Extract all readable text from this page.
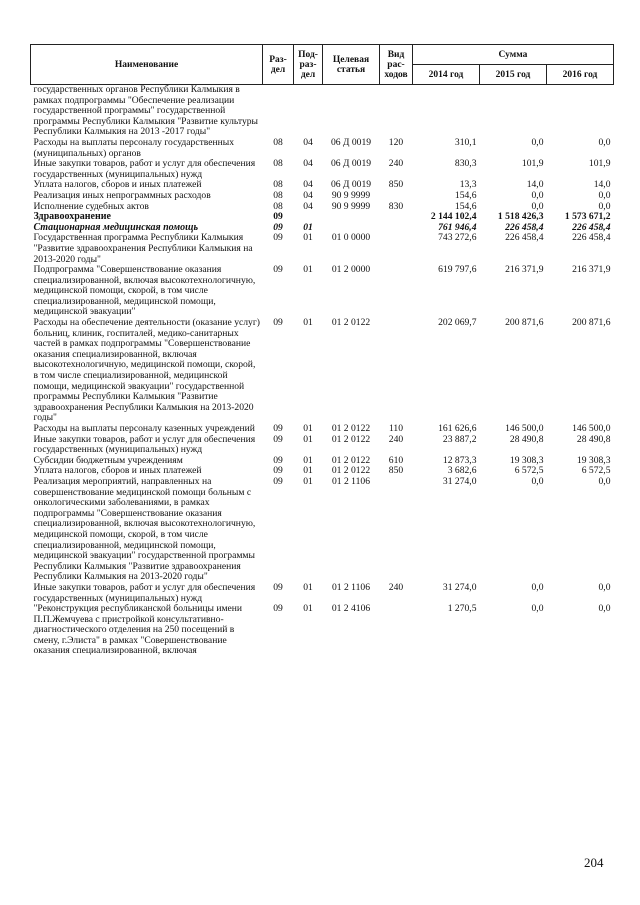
Наименование	Раз- дел	Под- раз- дел	Целевая статья	Вид рас- ходов	Сумма		
					2014 год	2015 год	2016 год
государственных органов Республики Калмыкия в рамках подпрограммы "Обеспечение реализации государственной программы" государственной программы Республики Калмыкия "Развитие культуры Республики Калмыкия на 2013 -2017 годы"							
Расходы на выплаты персоналу государственных (муниципальных) органов	08	04	06 Д 0019	120	310,1	0,0	0,0
Иные закупки товаров, работ и услуг для обеспечения государственных (муниципальных) нужд	08	04	06 Д 0019	240	830,3	101,9	101,9
Уплата налогов, сборов и иных платежей	08	04	06 Д 0019	850	13,3	14,0	14,0
Реализация иных непрограммных расходов	08	04	90 9 9999		154,6	0,0	0,0
Исполнение судебных актов	08	04	90 9 9999	830	154,6	0,0	0,0
Здравоохранение	09				2 144 102,4	1 518 426,3	1 573 671,2
Стационарная медицинская помощь	09	01			761 946,4	226 458,4	226 458,4
Государственная программа Республики Калмыкия "Развитие здравоохранения Республики Калмыкия на 2013-2020 годы"	09	01	01 0 0000		743 272,6	226 458,4	226 458,4
Подпрограмма "Совершенствование оказания специализированной, включая высокотехнологичную, медицинской помощи, скорой, в том числе специализированной, медицинской помощи, медицинской эвакуации"	09	01	01 2 0000		619 797,6	216 371,9	216 371,9
Расходы на обеспечение деятельности (оказание услуг) больниц, клиник, госпиталей, медико-санитарных частей в рамках подпрограммы "Совершенствование оказания специализированной, включая высокотехнологичную, медицинской помощи, скорой, в том числе специализированной, медицинской помощи, медицинской эвакуации" государственной программы Республики Калмыкия "Развитие здравоохранения Республики Калмыкия на 2013-2020 годы"	09	01	01 2 0122		202 069,7	200 871,6	200 871,6
Расходы на выплаты персоналу казенных учреждений	09	01	01 2 0122	110	161 626,6	146 500,0	146 500,0
Иные закупки товаров, работ и услуг для обеспечения государственных (муниципальных) нужд	09	01	01 2 0122	240	23 887,2	28 490,8	28 490,8
Субсидии бюджетным учреждениям	09	01	01 2 0122	610	12 873,3	19 308,3	19 308,3
Уплата налогов, сборов и иных платежей	09	01	01 2 0122	850	3 682,6	6 572,5	6 572,5
Реализация мероприятий, направленных на совершенствование медицинской помощи больным с онкологическими заболеваниями, в рамках подпрограммы "Совершенствование оказания специализированной, включая высокотехнологичную, медицинской помощи, скорой, в том числе специализированной, медицинской помощи, медицинской эвакуации" государственной программы Республики Калмыкия "Развитие здравоохранения Республики Калмыкия на 2013-2020 годы"	09	01	01 2 1106		31 274,0	0,0	0,0
Иные закупки товаров, работ и услуг для обеспечения государственных (муниципальных) нужд	09	01	01 2 1106	240	31 274,0	0,0	0,0
"Реконструкция республиканской больницы имени П.П.Жемчуева с пристройкой консультативно-диагностического отделения на 250 посещений в смену, г.Элиста" в рамках "Совершенствование оказания специализированной, включая	09	01	01 2 4106		1 270,5	0,0	0,0
204
